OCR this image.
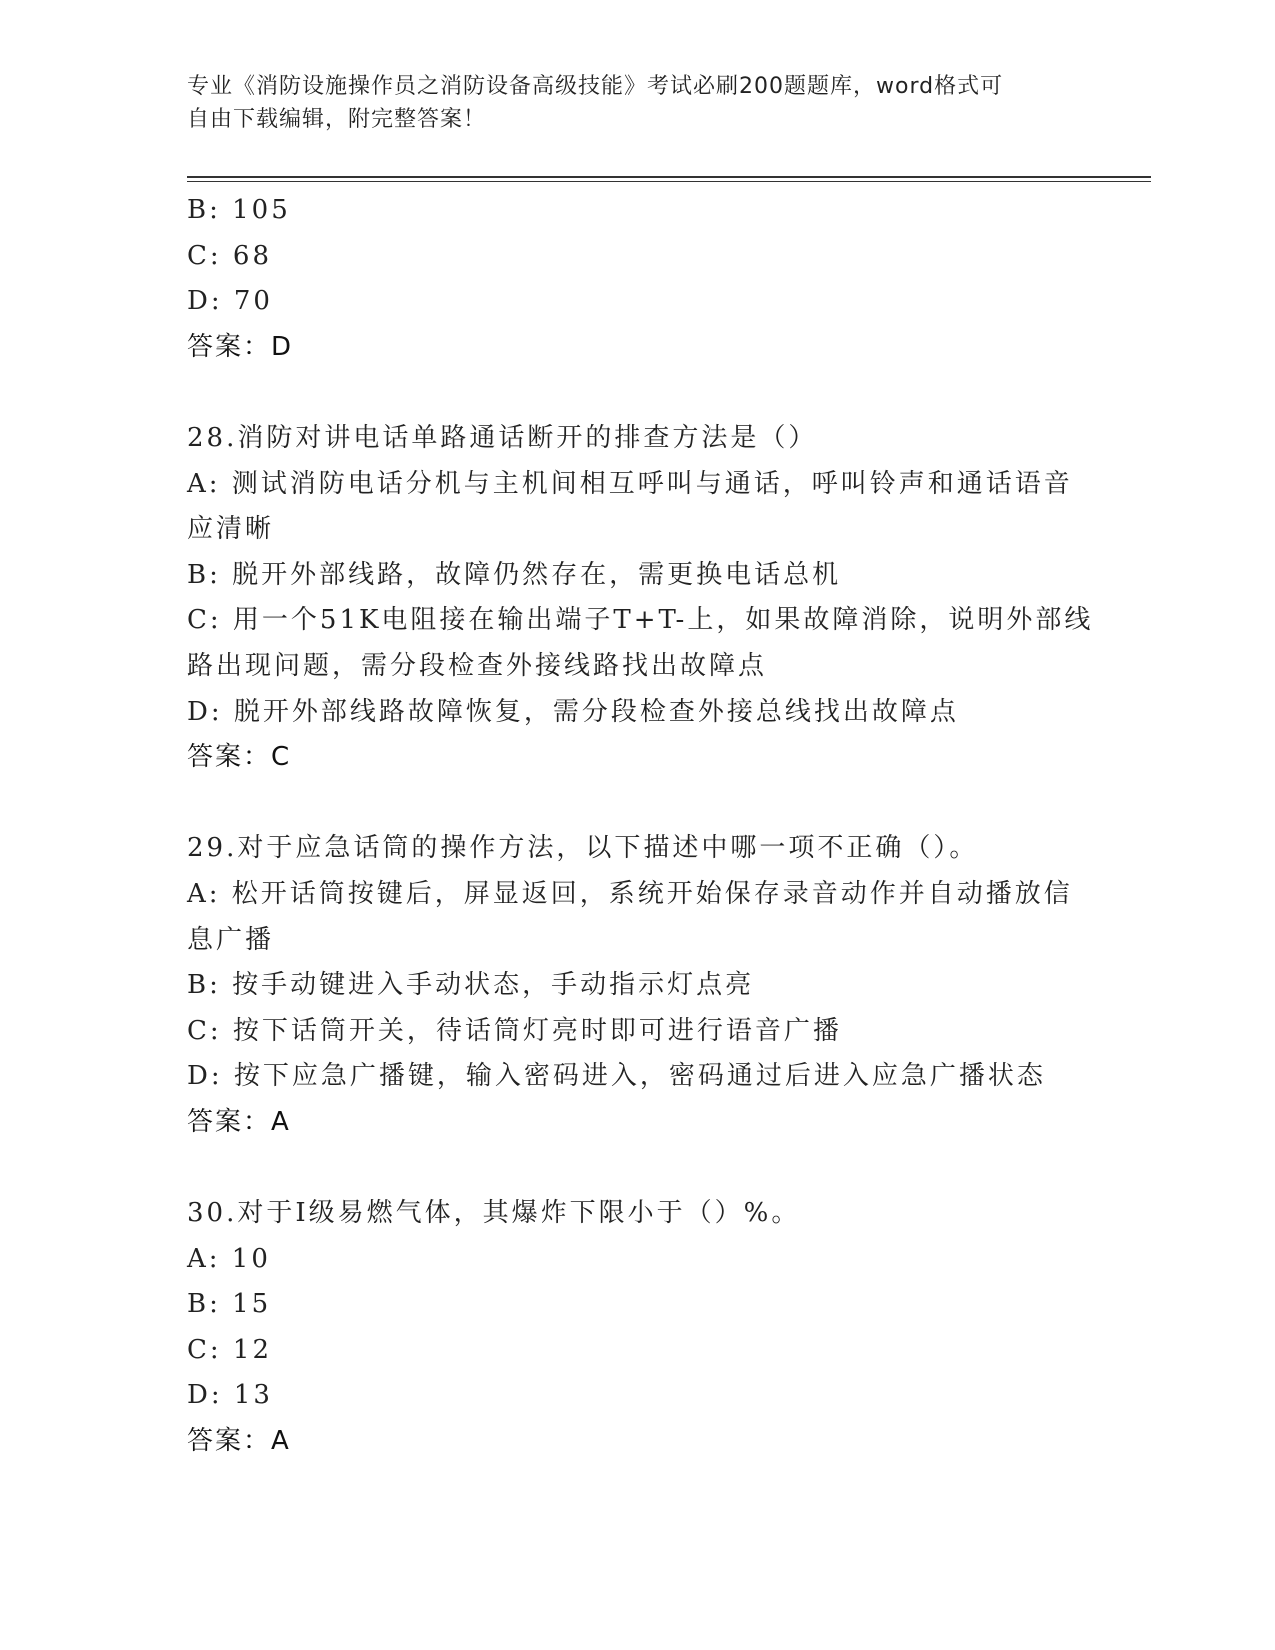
专业《消防设施操作员之消防设备高级技能》考试必刷200题题库，word格式可
自由下载编辑，附完整答案！
B: 105
C: 68
D: 70
答案：D
28.消防对讲电话单路通话断开的排查方法是（）
A: 测试消防电话分机与主机间相互呼叫与通话，呼叫铃声和通话语音
应清晰
B: 脱开外部线路，故障仍然存在，需更换电话总机
C: 用一个51K电阻接在输出端子T+T-上，如果故障消除，说明外部线
路出现问题，需分段检查外接线路找出故障点
D: 脱开外部线路故障恢复，需分段检查外接总线找出故障点
答案：C
29.对于应急话筒的操作方法，以下描述中哪一项不正确（）。
A: 松开话筒按键后，屏显返回，系统开始保存录音动作并自动播放信
息广播
B: 按手动键进入手动状态，手动指示灯点亮
C: 按下话筒开关，待话筒灯亮时即可进行语音广播
D: 按下应急广播键，输入密码进入，密码通过后进入应急广播状态
答案：A
30.对于Ⅰ级易燃气体，其爆炸下限小于（）%。
A: 10
B: 15
C: 12
D: 13
答案：A
